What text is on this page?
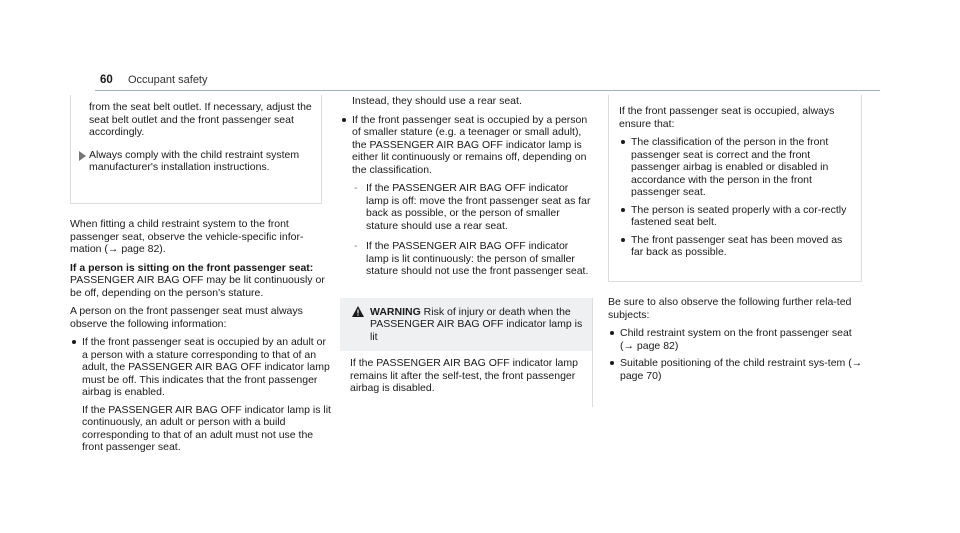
60 Occupant safety
from the seat belt outlet. If necessary, adjust the seat belt outlet and the front passenger seat accordingly.
Always comply with the child restraint system manufacturer's installation instructions.

When fitting a child restraint system to the front passenger seat, observe the vehicle-specific infor-mation (→ page 82).

If a person is sitting on the front passenger seat:

PASSENGER AIR BAG OFF may be lit continuously or be off, depending on the person's stature.

A person on the front passenger seat must always observe the following information:

If the front passenger seat is occupied by an adult or a person with a stature corresponding to that of an adult, the PASSENGER AIR BAG OFF indicator lamp must be off. This indicates that the front passenger airbag is enabled.
If the PASSENGER AIR BAG OFF indicator lamp is lit continuously, an adult or person with a build corresponding to that of an adult must not use the front passenger seat.

Instead, they should use a rear seat.

If the front passenger seat is occupied by a person of smaller stature (e.g. a teenager or small adult), the PASSENGER AIR BAG OFF indicator lamp is either lit continuously or remains off, depending on the classification.
- If the PASSENGER AIR BAG OFF indicator lamp is off: move the front passenger seat as far back as possible, or the person of smaller stature should use a rear seat.
- If the PASSENGER AIR BAG OFF indicator lamp is lit continuously: the person of smaller stature should not use the front passenger seat.
WARNING Risk of injury or death when the PASSENGER AIR BAG OFF indicator lamp is lit
If the PASSENGER AIR BAG OFF indicator lamp remains lit after the self-test, the front passenger airbag is disabled.

If the front passenger seat is occupied, always ensure that:

The classification of the person in the front passenger seat is correct and the front passenger airbag is enabled or disabled in accordance with the person in the front passenger seat.
The person is seated properly with a cor-rectly fastened seat belt.
The front passenger seat has been moved as far back as possible.

Be sure to also observe the following further rela-ted subjects:

Child restraint system on the front passenger seat (→ page 82)
Suitable positioning of the child restraint sys-tem (→ page 70)
